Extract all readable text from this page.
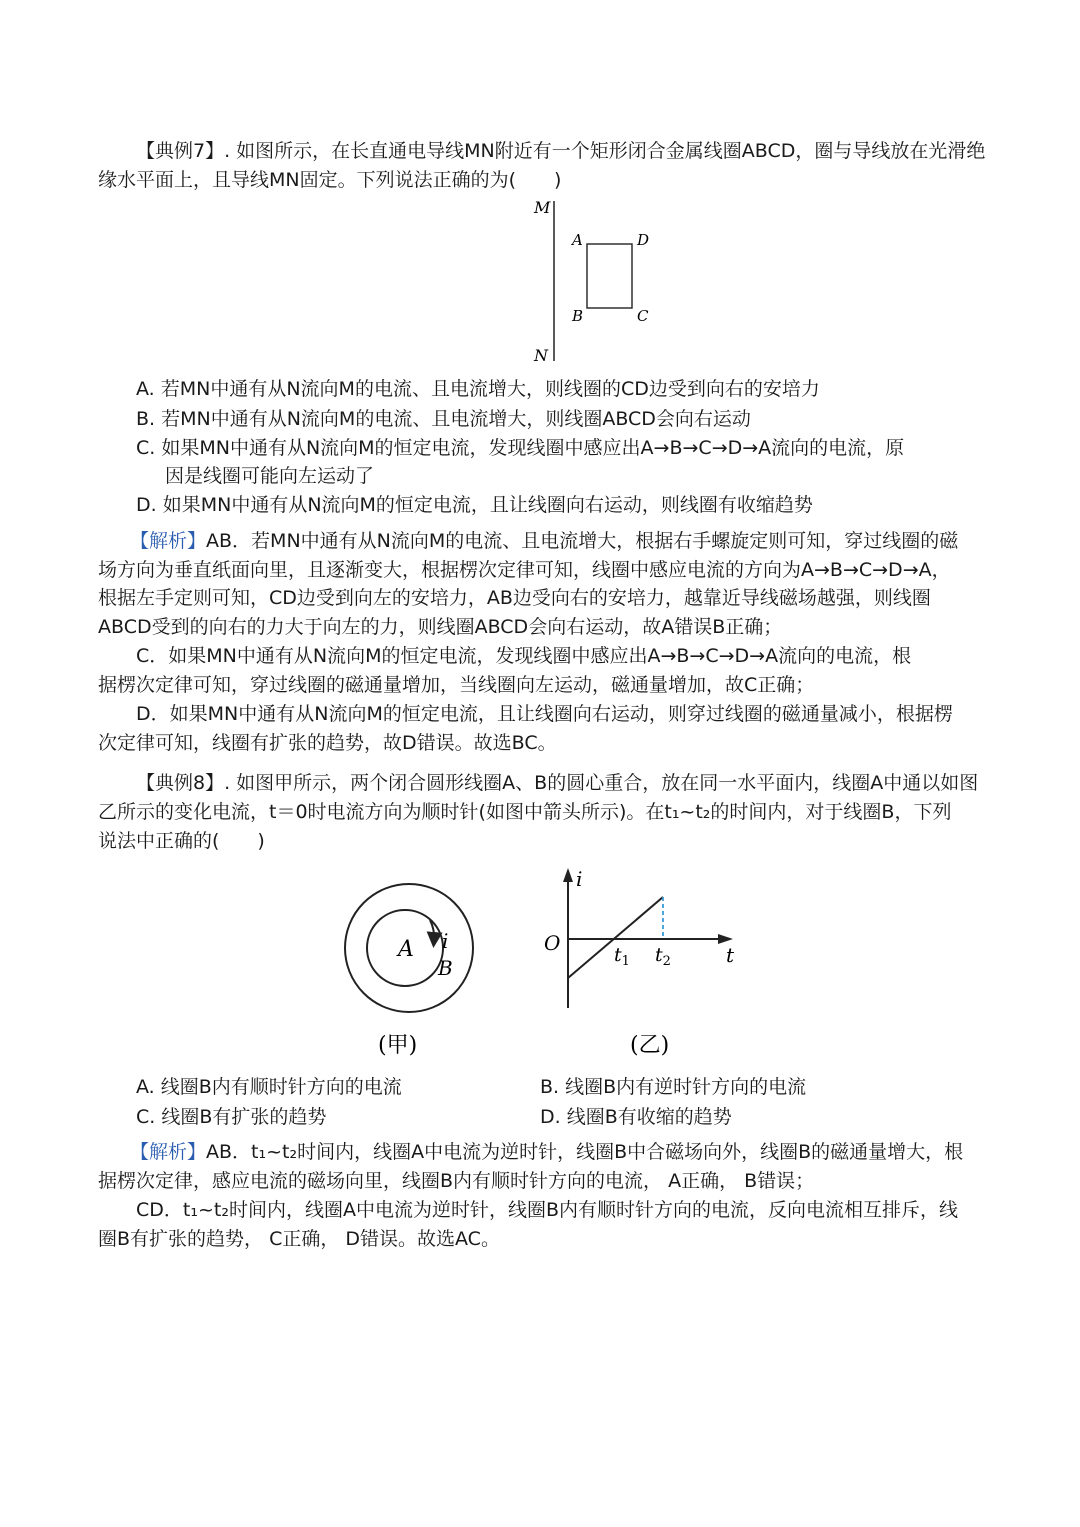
【典例7】. 如图所示，在长直通电导线MN附近有一个矩形闭合金属线圈ABCD，圈与导线放在光滑绝
缘水平面上，且导线MN固定。下列说法正确的为(　　)
M
N
A	D
B	C
A. 若MN中通有从N流向M的电流、且电流增大，则线圈的CD边受到向右的安培力
B. 若MN中通有从N流向M的电流、且电流增大，则线圈ABCD会向右运动
C. 如果MN中通有从N流向M的恒定电流，发现线圈中感应出A→B→C→D→A流向的电流，原
因是线圈可能向左运动了
D. 如果MN中通有从N流向M的恒定电流，且让线圈向右运动，则线圈有收缩趋势
【解析】AB．若MN中通有从N流向M的电流、且电流增大，根据右手螺旋定则可知，穿过线圈的磁
场方向为垂直纸面向里，且逐渐变大，根据楞次定律可知，线圈中感应电流的方向为A→B→C→D→A，
根据左手定则可知，CD边受到向左的安培力，AB边受向右的安培力，越靠近导线磁场越强，则线圈
ABCD受到的向右的力大于向左的力，则线圈ABCD会向右运动，故A错误B正确；
C．如果MN中通有从N流向M的恒定电流，发现线圈中感应出A→B→C→D→A流向的电流，根
据楞次定律可知，穿过线圈的磁通量增加，当线圈向左运动，磁通量增加，故C正确；
D．如果MN中通有从N流向M的恒定电流，且让线圈向右运动，则穿过线圈的磁通量减小，根据楞
次定律可知，线圈有扩张的趋势，故D错误。故选BC。
【典例8】. 如图甲所示，两个闭合圆形线圈A、B的圆心重合，放在同一水平面内，线圈A中通以如图
乙所示的变化电流，t＝0时电流方向为顺时针(如图中箭头所示)。在t₁~t₂的时间内，对于线圈B，下列
说法中正确的(　　)
A i
B
(甲)
i
t
O	$t_1$ $t_2$
(乙)
A. 线圈B内有顺时针方向的电流	B. 线圈B内有逆时针方向的电流
C. 线圈B有扩张的趋势	D. 线圈B有收缩的趋势
【解析】AB．t₁~t₂时间内，线圈A中电流为逆时针，线圈B中合磁场向外，线圈B的磁通量增大，根
据楞次定律，感应电流的磁场向里，线圈B内有顺时针方向的电流， A正确， B错误；
CD．t₁~t₂时间内，线圈A中电流为逆时针，线圈B内有顺时针方向的电流，反向电流相互排斥，线
圈B有扩张的趋势， C正确， D错误。故选AC。
